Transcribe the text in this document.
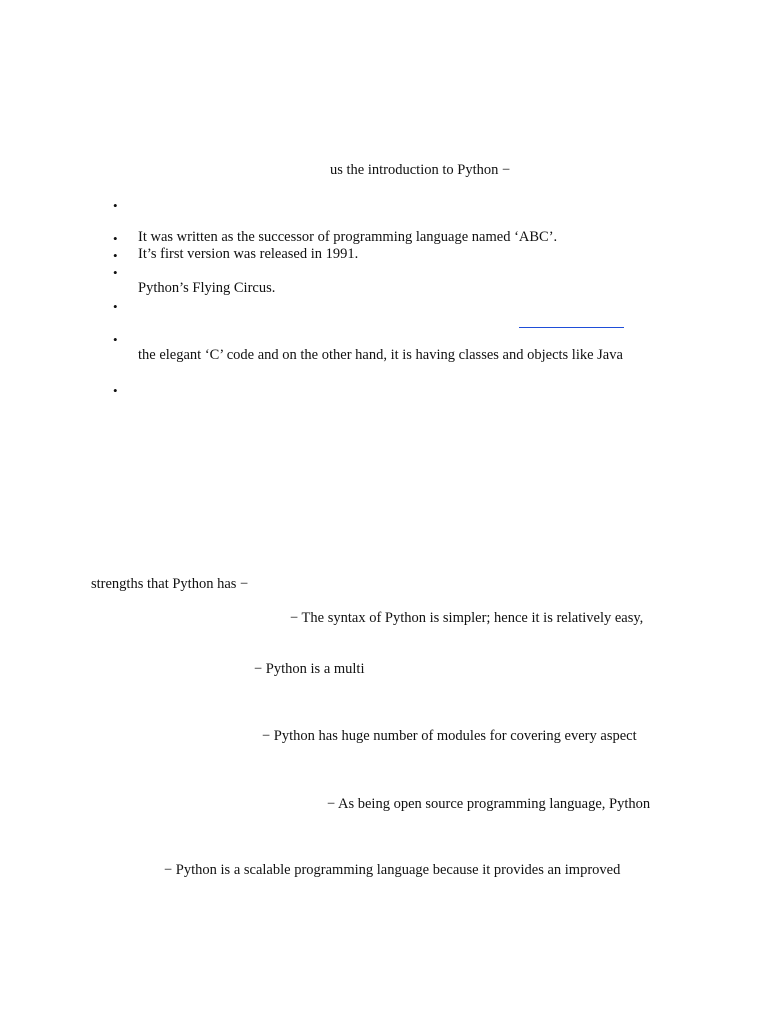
us the introduction to Python −
•
•
•
•
•
•
•
It was written as the successor of programming language named ‘ABC’.
It’s first version was released in 1991.
Python’s Flying Circus.
the elegant ‘C’ code and on the other hand, it is having classes and objects like Java
strengths that Python has −
− The syntax of Python is simpler; hence it is relatively easy,
− Python is a multi
− Python has huge number of modules for covering every aspect
− As being open source programming language, Python
− Python is a scalable programming language because it provides an improved
